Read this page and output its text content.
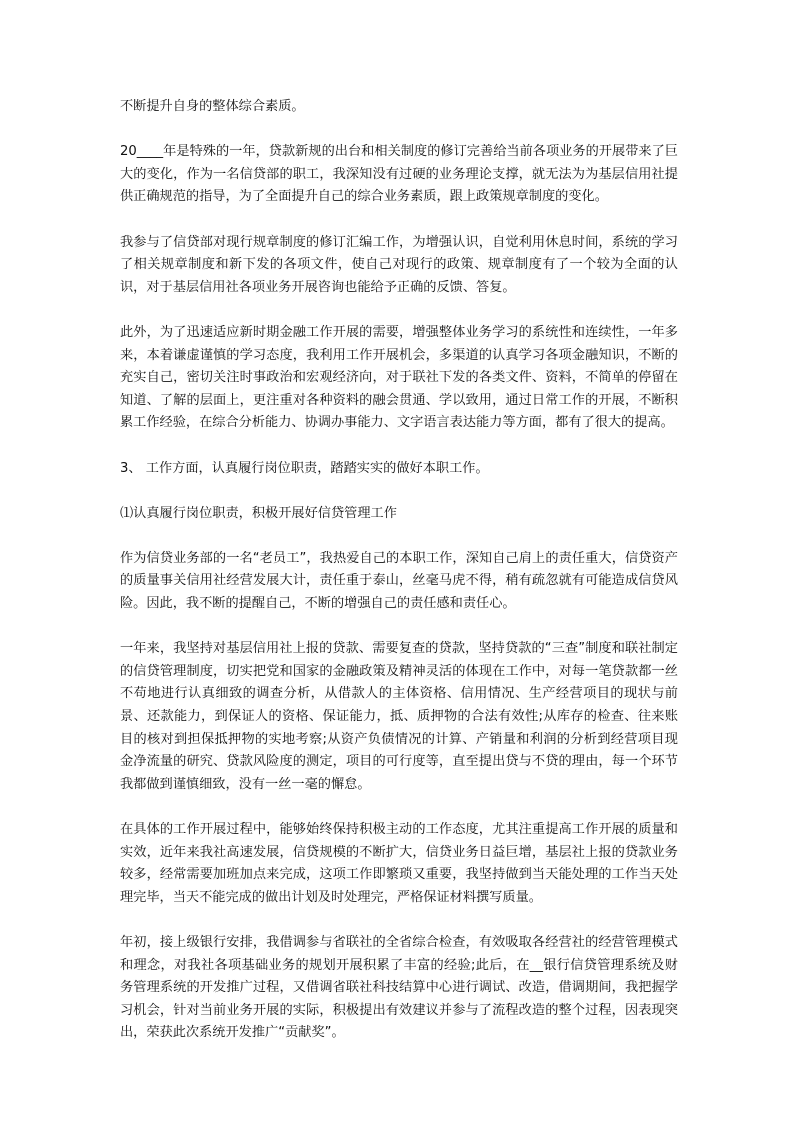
不断提升自身的整体综合素质。

20____年是特殊的一年，贷款新规的出台和相关制度的修订完善给当前各项业务的开展带来了巨大的变化，作为一名信贷部的职工，我深知没有过硬的业务理论支撑，就无法为为基层信用社提供正确规范的指导，为了全面提升自己的综合业务素质，跟上政策规章制度的变化。

我参与了信贷部对现行规章制度的修订汇编工作，为增强认识，自觉利用休息时间，系统的学习了相关规章制度和新下发的各项文件，使自己对现行的政策、规章制度有了一个较为全面的认识，对于基层信用社各项业务开展咨询也能给予正确的反馈、答复。

此外，为了迅速适应新时期金融工作开展的需要，增强整体业务学习的系统性和连续性，一年多来，本着谦虚谨慎的学习态度，我利用工作开展机会，多渠道的认真学习各项金融知识，不断的充实自己，密切关注时事政治和宏观经济向，对于联社下发的各类文件、资料，不简单的停留在知道、了解的层面上，更注重对各种资料的融会贯通、学以致用，通过日常工作的开展，不断积累工作经验，在综合分析能力、协调办事能力、文字语言表达能力等方面，都有了很大的提高。

3、 工作方面，认真履行岗位职责，踏踏实实的做好本职工作。

⑴认真履行岗位职责，积极开展好信贷管理工作

作为信贷业务部的一名“老员工”，我热爱自己的本职工作，深知自己肩上的责任重大，信贷资产的质量事关信用社经营发展大计，责任重于泰山，丝毫马虎不得，稍有疏忽就有可能造成信贷风险。因此，我不断的提醒自己，不断的增强自己的责任感和责任心。

一年来，我坚持对基层信用社上报的贷款、需要复查的贷款，坚持贷款的“三查”制度和联社制定的信贷管理制度，切实把党和国家的金融政策及精神灵活的体现在工作中，对每一笔贷款都一丝不苟地进行认真细致的调查分析，从借款人的主体资格、信用情况、生产经营项目的现状与前景、还款能力，到保证人的资格、保证能力，抵、质押物的合法有效性;从库存的检查、往来账目的核对到担保抵押物的实地考察;从资产负债情况的计算、产销量和利润的分析到经营项目现金净流量的研究、贷款风险度的测定，项目的可行度等，直至提出贷与不贷的理由，每一个环节我都做到谨慎细致，没有一丝一毫的懈怠。

在具体的工作开展过程中，能够始终保持积极主动的工作态度，尤其注重提高工作开展的质量和实效，近年来我社高速发展，信贷规模的不断扩大，信贷业务日益巨增，基层社上报的贷款业务较多，经常需要加班加点来完成，这项工作即繁琐又重要，我坚持做到当天能处理的工作当天处理完毕，当天不能完成的做出计划及时处理完，严格保证材料撰写质量。

年初，接上级银行安排，我借调参与省联社的全省综合检查，有效吸取各经营社的经营管理模式和理念，对我社各项基础业务的规划开展积累了丰富的经验;此后，在__银行信贷管理系统及财务管理系统的开发推广过程，又借调省联社科技结算中心进行调试、改造，借调期间，我把握学习机会，针对当前业务开展的实际，积极提出有效建议并参与了流程改造的整个过程，因表现突出，荣获此次系统开发推广“贡献奖”。
